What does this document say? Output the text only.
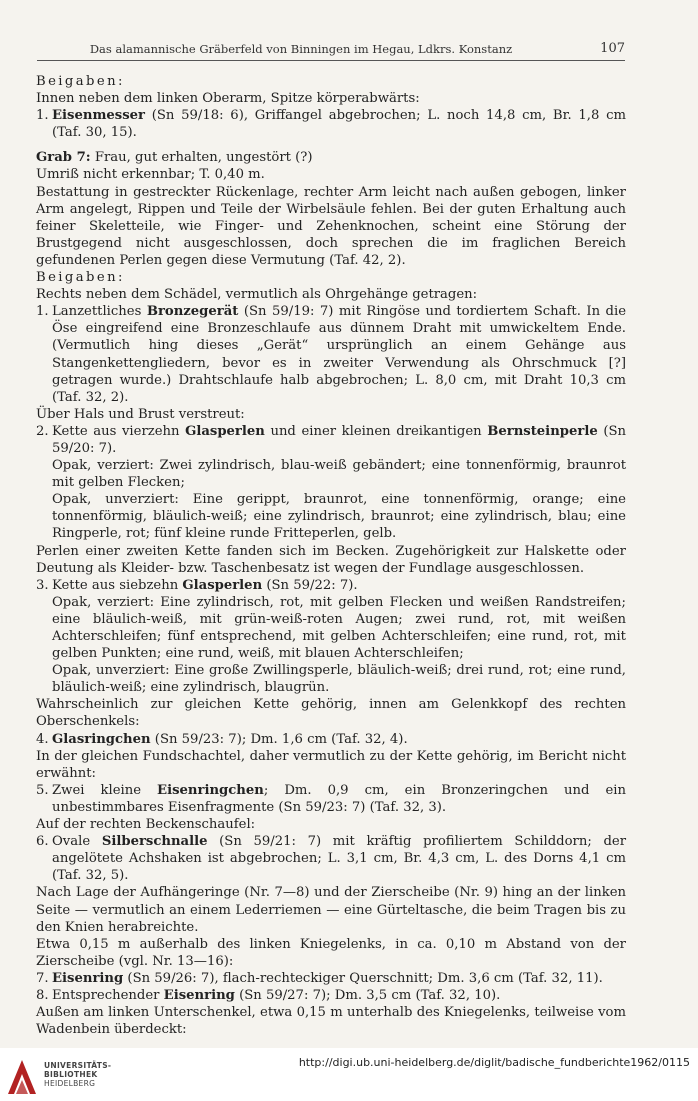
Das alamannische Gräberfeld von Binningen im Hegau, Ldkrs. Konstanz	107

Beigaben:

Innen neben dem linken Oberarm, Spitze körperabwärts:

1. Eisenmesser (Sn 59/18: 6), Griffangel abgebrochen; L. noch 14,8 cm, Br. 1,8 cm (Taf. 30, 15).

Grab 7: Frau, gut erhalten, ungestört (?)

Umriß nicht erkennbar; T. 0,40 m.

Bestattung in gestreckter Rückenlage, rechter Arm leicht nach außen gebogen, linker Arm angelegt, Rippen und Teile der Wirbelsäule fehlen. Bei der guten Erhaltung auch feiner Skeletteile, wie Finger- und Zehenknochen, scheint eine Störung der Brustgegend nicht ausgeschlossen, doch sprechen die im fraglichen Bereich gefundenen Perlen gegen diese Vermutung (Taf. 42, 2).

Beigaben:

Rechts neben dem Schädel, vermutlich als Ohrgehänge getragen:

1. Lanzettliches Bronzegerät (Sn 59/19: 7) mit Ringöse und tordiertem Schaft. In die Öse eingreifend eine Bronzeschlaufe aus dünnem Draht mit umwickeltem Ende. (Vermutlich hing dieses „Gerät“ ursprünglich an einem Gehänge aus Stangenkettengliedern, bevor es in zweiter Verwendung als Ohrschmuck [?] getragen wurde.) Drahtschlaufe halb abgebrochen; L. 8,0 cm, mit Draht 10,3 cm (Taf. 32, 2).

Über Hals und Brust verstreut:

2. Kette aus vierzehn Glasperlen und einer kleinen dreikantigen Bernsteinperle (Sn 59/20: 7).

Opak, verziert: Zwei zylindrisch, blau-weiß gebändert; eine tonnenförmig, braunrot mit gelben Flecken;

Opak, unverziert: Eine gerippt, braunrot, eine tonnenförmig, orange; eine tonnenförmig, bläulich-weiß; eine zylindrisch, braunrot; eine zylindrisch, blau; eine Ringperle, rot; fünf kleine runde Fritteperlen, gelb.

Perlen einer zweiten Kette fanden sich im Becken. Zugehörigkeit zur Halskette oder Deutung als Kleider- bzw. Taschenbesatz ist wegen der Fundlage ausgeschlossen.

3. Kette aus siebzehn Glasperlen (Sn 59/22: 7).

Opak, verziert: Eine zylindrisch, rot, mit gelben Flecken und weißen Randstreifen; eine bläulich-weiß, mit grün-weiß-roten Augen; zwei rund, rot, mit weißen Achterschleifen; fünf entsprechend, mit gelben Achterschleifen; eine rund, rot, mit gelben Punkten; eine rund, weiß, mit blauen Achterschleifen;

Opak, unverziert: Eine große Zwillingsperle, bläulich-weiß; drei rund, rot; eine rund, bläulich-weiß; eine zylindrisch, blaugrün.

Wahrscheinlich zur gleichen Kette gehörig, innen am Gelenkkopf des rechten Oberschenkels:

4. Glasringchen (Sn 59/23: 7); Dm. 1,6 cm (Taf. 32, 4).

In der gleichen Fundschachtel, daher vermutlich zu der Kette gehörig, im Bericht nicht erwähnt:

5. Zwei kleine Eisenringchen; Dm. 0,9 cm, ein Bronzeringchen und ein unbestimmbares Eisenfragmente (Sn 59/23: 7) (Taf. 32, 3).

Auf der rechten Beckenschaufel:

6. Ovale Silberschnalle (Sn 59/21: 7) mit kräftig profiliertem Schilddorn; der angelötete Achshaken ist abgebrochen; L. 3,1 cm, Br. 4,3 cm, L. des Dorns 4,1 cm (Taf. 32, 5).

Nach Lage der Aufhängeringe (Nr. 7—8) und der Zierscheibe (Nr. 9) hing an der linken Seite — vermutlich an einem Lederriemen — eine Gürteltasche, die beim Tragen bis zu den Knien herabreichte.

Etwa 0,15 m außerhalb des linken Kniegelenks, in ca. 0,10 m Abstand von der Zierscheibe (vgl. Nr. 13—16):

7. Eisenring (Sn 59/26: 7), flach-rechteckiger Querschnitt; Dm. 3,6 cm (Taf. 32, 11).
8. Entsprechender Eisenring (Sn 59/27: 7); Dm. 3,5 cm (Taf. 32, 10).

Außen am linken Unterschenkel, etwa 0,15 m unterhalb des Kniegelenks, teilweise vom Wadenbein überdeckt:

UNIVERSITÄTS-
BIBLIOTHEK
HEIDELBERG
http://digi.ub.uni-heidelberg.de/diglit/badische_fundberichte1962/0115
